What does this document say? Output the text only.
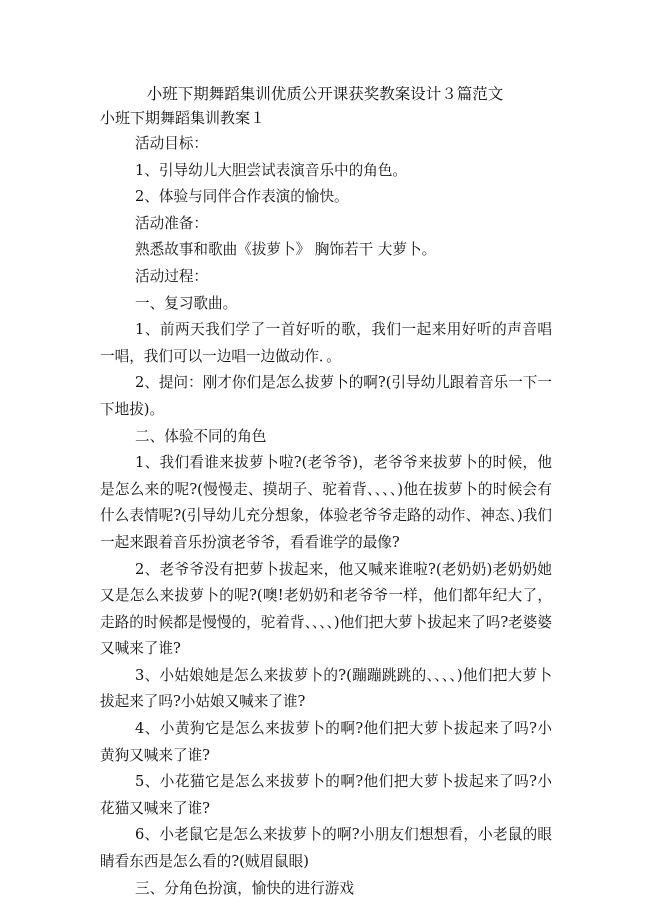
小班下期舞蹈集训优质公开课获奖教案设计３篇范文
小班下期舞蹈集训教案１

活动目标：

1、引导幼儿大胆尝试表演音乐中的角色。

2、体验与同伴合作表演的愉快。

活动准备：

熟悉故事和歌曲《拔萝卜》 胸饰若干 大萝卜。

活动过程：

一、复习歌曲。

1、前两天我们学了一首好听的歌，我们一起来用好听的声音唱一唱，我们可以一边唱一边做动作．。

2、提问：刚才你们是怎么拔萝卜的啊?(引导幼儿跟着音乐一下一下地拔)。

二、体验不同的角色

1、我们看谁来拔萝卜啦?(老爷爷)，老爷爷来拔萝卜的时候，他是怎么来的呢?(慢慢走、摸胡子、驼着背、、、、)他在拔萝卜的时候会有什么表情呢?(引导幼儿充分想象，体验老爷爷走路的动作、神态、)我们一起来跟着音乐扮演老爷爷，看看谁学的最像?

2、老爷爷没有把萝卜拔起来，他又喊来谁啦?(老奶奶)老奶奶她又是怎么来拔萝卜的呢?(噢!老奶奶和老爷爷一样，他们都年纪大了，走路的时候都是慢慢的，驼着背、、、、)他们把大萝卜拔起来了吗?老婆婆又喊来了谁?

3、小姑娘她是怎么来拔萝卜的?(蹦蹦跳跳的、、、、)他们把大萝卜拔起来了吗?小姑娘又喊来了谁?

4、小黄狗它是怎么来拔萝卜的啊?他们把大萝卜拔起来了吗?小黄狗又喊来了谁?

5、小花猫它是怎么来拔萝卜的啊?他们把大萝卜拔起来了吗?小花猫又喊来了谁?

6、小老鼠它是怎么来拔萝卜的啊?小朋友们想想看，小老鼠的眼睛看东西是怎么看的?(贼眉鼠眼)

三、分角色扮演，愉快的进行游戏
